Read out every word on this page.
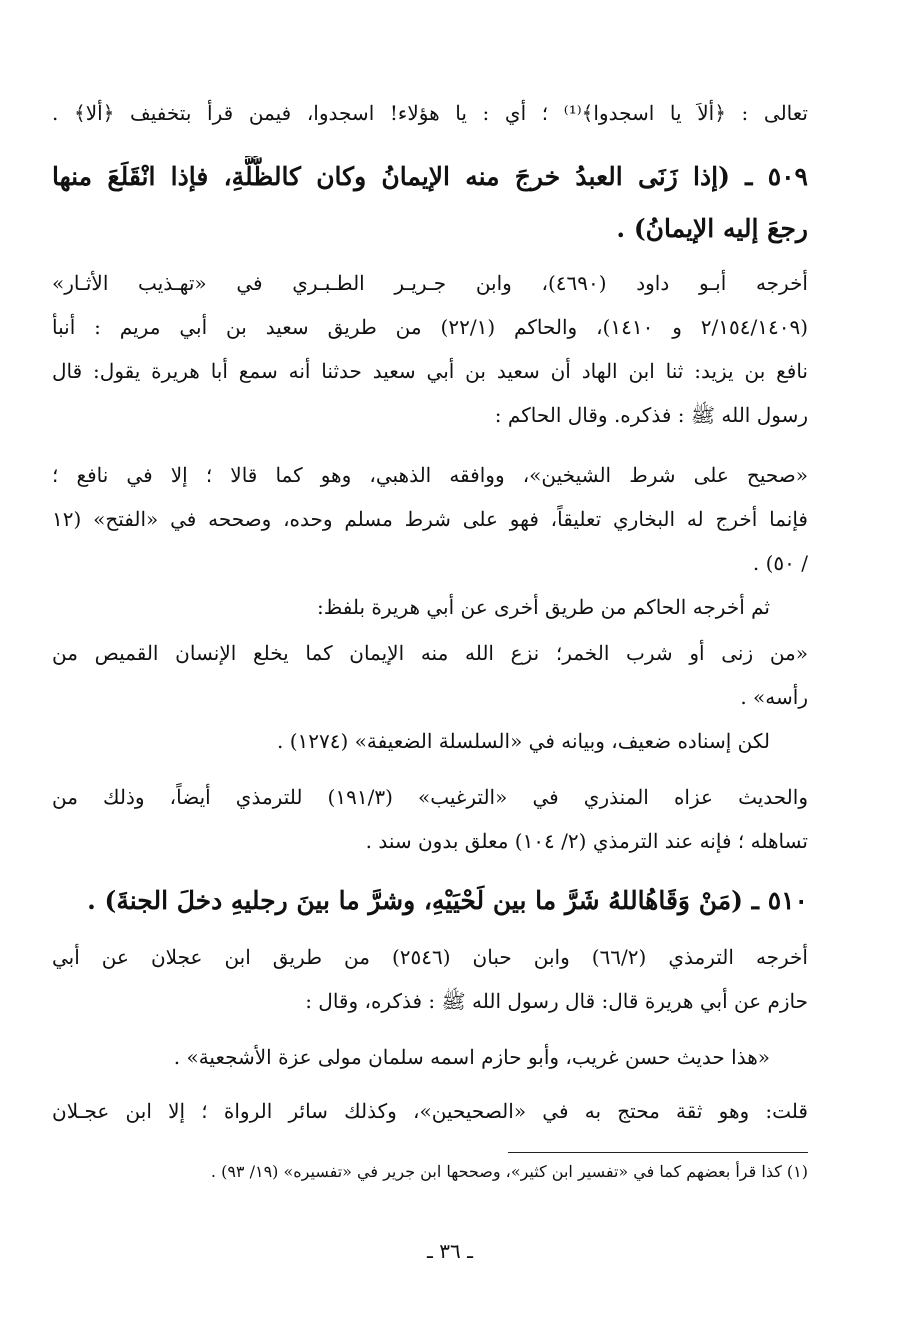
تعالى : ﴿ألاَ يا اسجدوا﴾⁽¹⁾ ؛ أي : يا هؤلاء! اسجدوا، فيمن قرأ بتخفيف ﴿ألا﴾ .
٥٠٩ ـ (إذا زَنَى العبدُ خرجَ منه الإيمانُ وكان كالظُّلَّةِ، فإذا انْقَلَعَ منها
رجعَ إليه الإيمانُ) .
أخرجه أبـو داود (٤٦٩٠)، وابن جـريـر الطـبـري في «تهـذيب الأثـار»
(٢/١٥٤/١٤٠٩ و ١٤١٠)، والحاكم (٢٢/١) من طريق سعيد بن أبي مريم : أنبأ
نافع بن يزيد: ثنا ابن الهاد أن سعيد بن أبي سعيد حدثنا أنه سمع أبا هريرة يقول: قال
رسول الله ﷺ : فذكره. وقال الحاكم :
«صحيح على شرط الشيخين»، ووافقه الذهبي، وهو كما قالا ؛ إلا في نافع ؛
فإنما أخرج له البخاري تعليقاً، فهو على شرط مسلم وحده، وصححه في «الفتح» (١٢
/ ٥٠) .
ثم أخرجه الحاكم من طريق أخرى عن أبي هريرة بلفظ:
«من زنى أو شرب الخمر؛ نزع الله منه الإيمان كما يخلع الإنسان القميص من
رأسه» .
لكن إسناده ضعيف، وبيانه في «السلسلة الضعيفة» (١٢٧٤) .
والحديث عزاه المنذري في «الترغيب» (١٩١/٣) للترمذي أيضاً، وذلك من
تساهله ؛ فإنه عند الترمذي (٢/ ١٠٤) معلق بدون سند .
٥١٠ ـ (مَنْ وَقَاهُاللهُ شَرَّ ما بين لَحْيَيْهِ، وشرَّ ما بينَ رجليهِ دخلَ الجنةَ) .
أخرجه الترمذي (٦٦/٢) وابن حبان (٢٥٤٦) من طريق ابن عجلان عن أبي
حازم عن أبي هريرة قال: قال رسول الله ﷺ : فذكره، وقال :
«هذا حديث حسن غريب، وأبو حازم اسمه سلمان مولى عزة الأشجعية» .
قلت: وهو ثقة محتج به في «الصحيحين»، وكذلك سائر الرواة ؛ إلا ابن عجـلان
(١) كذا قرأ بعضهم كما في «تفسير ابن كثير»، وصححها ابن جرير في «تفسيره» (١٩/ ٩٣) .
ـ ٣٦ ـ
